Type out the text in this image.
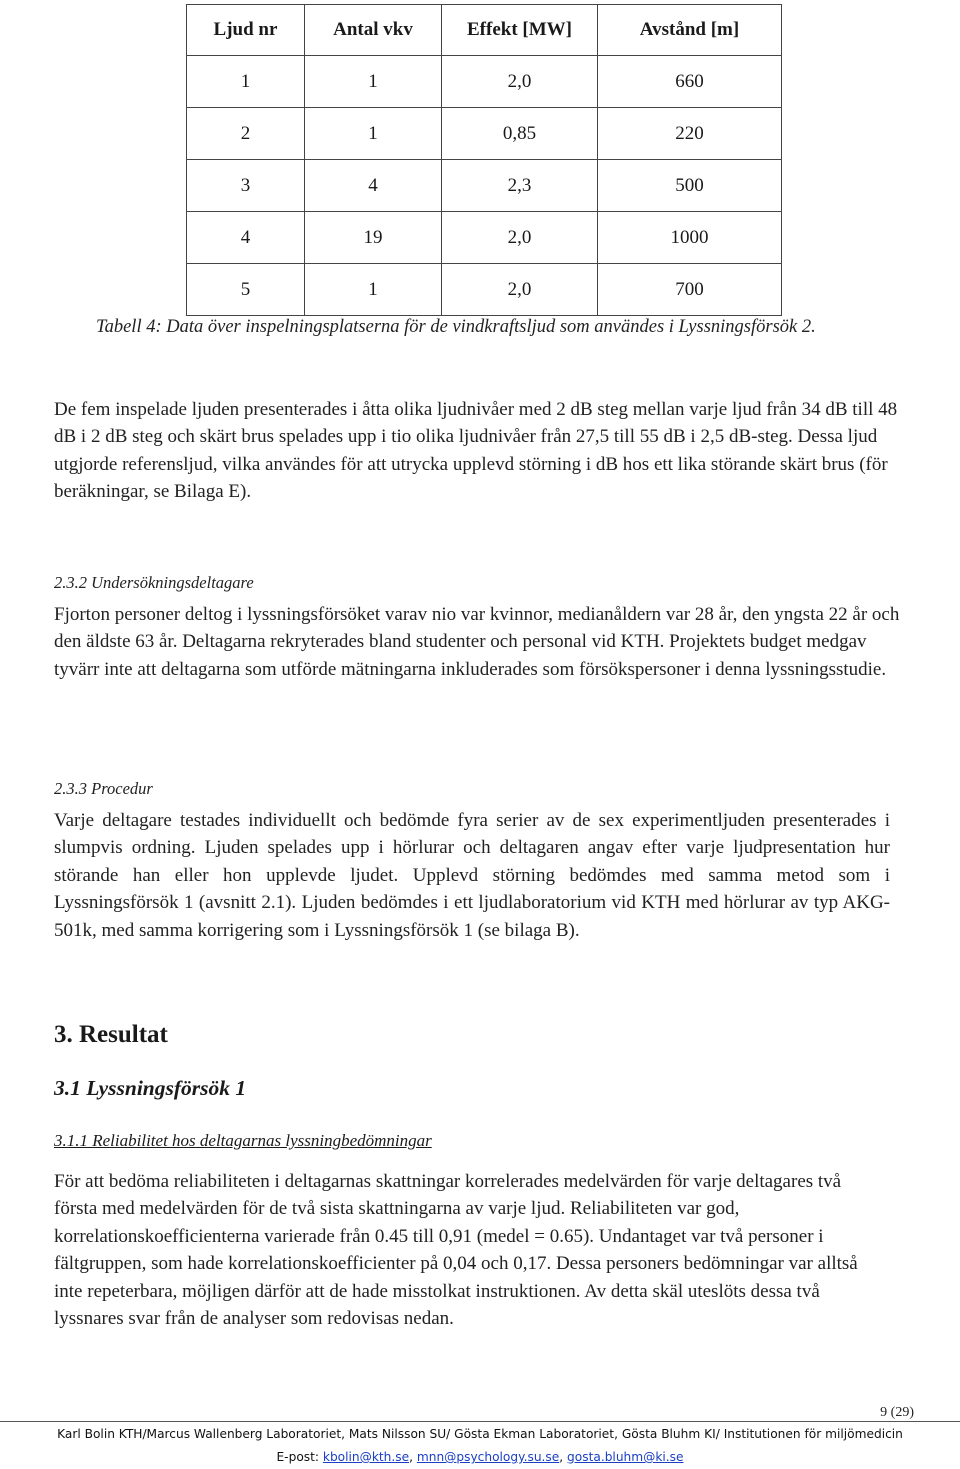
Ljud nr	Antal vkv	Effekt [MW]	Avstånd [m]
1	1	2,0	660
2	1	0,85	220
3	4	2,3	500
4	19	2,0	1000
5	1	2,0	700
Tabell 4: Data över inspelningsplatserna för de vindkraftsljud som användes i Lyssningsförsök 2.

De fem inspelade ljuden presenterades i åtta olika ljudnivåer med 2 dB steg mellan varje ljud från 34 dB till 48 dB i 2 dB steg och skärt brus spelades upp i tio olika ljudnivåer från 27,5 till 55 dB i 2,5 dB-steg. Dessa ljud utgjorde referensljud, vilka användes för att utrycka upplevd störning i dB hos ett lika störande skärt brus (för beräkningar, se Bilaga E).

2.3.2 Undersökningsdeltagare

Fjorton personer deltog i lyssningsförsöket varav nio var kvinnor, medianåldern var 28 år, den yngsta 22 år och den äldste 63 år. Deltagarna rekryterades bland studenter och personal vid KTH. Projektets budget medgav tyvärr inte att deltagarna som utförde mätningarna inkluderades som försökspersoner i denna lyssningsstudie.

2.3.3 Procedur

Varje deltagare testades individuellt och bedömde fyra serier av de sex experimentljuden presenterades i slumpvis ordning. Ljuden spelades upp i hörlurar och deltagaren angav efter varje ljudpresentation hur störande han eller hon upplevde ljudet. Upplevd störning bedömdes med samma metod som i Lyssningsförsök 1 (avsnitt 2.1). Ljuden bedömdes i ett ljudlaboratorium vid KTH med hörlurar av typ AKG-501k, med samma korrigering som i Lyssningsförsök 1 (se bilaga B).

3. Resultat
3.1 Lyssningsförsök 1
3.1.1 Reliabilitet hos deltagarnas lyssningbedömningar

För att bedöma reliabiliteten i deltagarnas skattningar korrelerades medelvärden för varje deltagares två första med medelvärden för de två sista skattningarna av varje ljud. Reliabiliteten var god, korrelationskoefficienterna varierade från 0.45 till 0,91 (medel = 0.65). Undantaget var två personer i fältgruppen, som hade korrelationskoefficienter på 0,04 och 0,17. Dessa personers bedömningar var alltså inte repeterbara, möjligen därför att de hade misstolkat instruktionen. Av detta skäl uteslöts dessa två lyssnares svar från de analyser som redovisas nedan.

9 (29)
Karl Bolin KTH/Marcus Wallenberg Laboratoriet, Mats Nilsson SU/ Gösta Ekman Laboratoriet, Gösta Bluhm KI/ Institutionen för miljömedicin
E-post: kbolin@kth.se, mnn@psychology.su.se, gosta.bluhm@ki.se
